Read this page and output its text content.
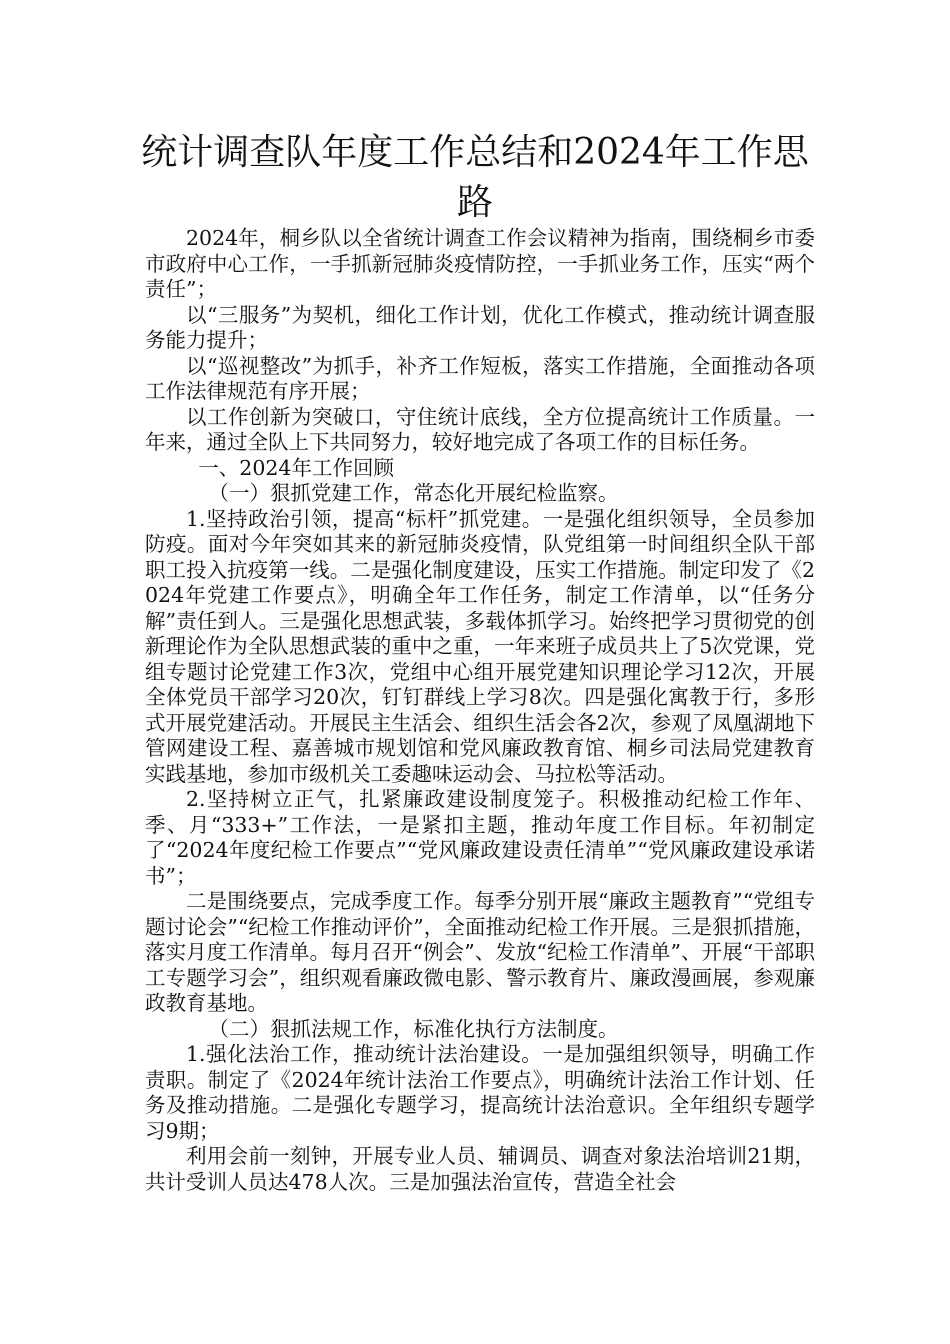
统计调查队年度工作总结和2024年工作思路

2024年，桐乡队以全省统计调查工作会议精神为指南，围绕桐乡市委市政府中心工作，一手抓新冠肺炎疫情防控，一手抓业务工作，压实“两个责任”；

以“三服务”为契机，细化工作计划，优化工作模式，推动统计调查服务能力提升；

以“巡视整改”为抓手，补齐工作短板，落实工作措施，全面推动各项工作法律规范有序开展；

以工作创新为突破口，守住统计底线，全方位提高统计工作质量。一年来，通过全队上下共同努力，较好地完成了各项工作的目标任务。

一、2024年工作回顾

（一）狠抓党建工作，常态化开展纪检监察。

1.坚持政治引领，提高“标杆”抓党建。一是强化组织领导，全员参加防疫。面对今年突如其来的新冠肺炎疫情，队党组第一时间组织全队干部职工投入抗疫第一线。二是强化制度建设，压实工作措施。制定印发了《2024年党建工作要点》，明确全年工作任务，制定工作清单，以“任务分解”责任到人。三是强化思想武装，多载体抓学习。始终把学习贯彻党的创新理论作为全队思想武装的重中之重，一年来班子成员共上了5次党课，党组专题讨论党建工作3次，党组中心组开展党建知识理论学习12次，开展全体党员干部学习20次，钉钉群线上学习8次。四是强化寓教于行，多形式开展党建活动。开展民主生活会、组织生活会各2次，参观了凤凰湖地下管网建设工程、嘉善城市规划馆和党风廉政教育馆、桐乡司法局党建教育实践基地，参加市级机关工委趣味运动会、马拉松等活动。

2.坚持树立正气，扎紧廉政建设制度笼子。积极推动纪检工作年、季、月“333+”工作法，一是紧扣主题，推动年度工作目标。年初制定了“2024年度纪检工作要点”“党风廉政建设责任清单”“党风廉政建设承诺书”；

二是围绕要点，完成季度工作。每季分别开展“廉政主题教育”“党组专题讨论会”“纪检工作推动评价”，全面推动纪检工作开展。三是狠抓措施，落实月度工作清单。每月召开“例会”、发放“纪检工作清单”、开展“干部职工专题学习会”，组织观看廉政微电影、警示教育片、廉政漫画展，参观廉政教育基地。

（二）狠抓法规工作，标准化执行方法制度。

1.强化法治工作，推动统计法治建设。一是加强组织领导，明确工作责职。制定了《2024年统计法治工作要点》，明确统计法治工作计划、任务及推动措施。二是强化专题学习，提高统计法治意识。全年组织专题学习9期；

利用会前一刻钟，开展专业人员、辅调员、调查对象法治培训21期，共计受训人员达478人次。三是加强法治宣传，营造全社会
